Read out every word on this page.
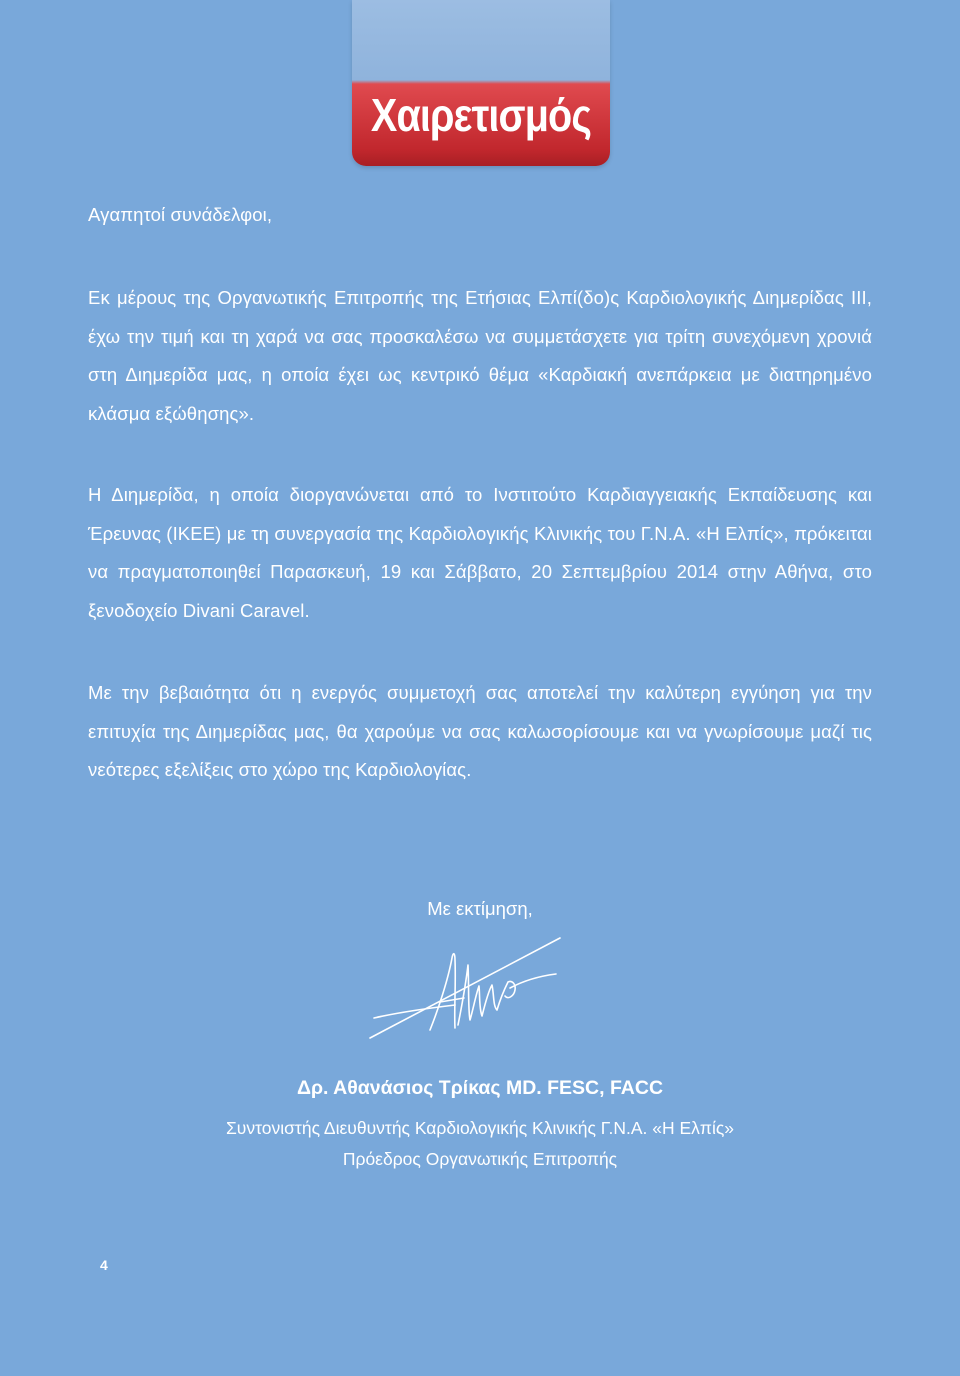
Χαιρετισμός
Αγαπητοί συνάδελφοι,
Εκ μέρους της Οργανωτικής Επιτροπής της Ετήσιας Ελπί(δο)ς Καρδιολογικής Διημερίδας ΙΙΙ, έχω την τιμή και τη χαρά να σας προσκαλέσω να συμμετάσχετε για τρίτη συνεχόμενη χρονιά στη Διημερίδα μας, η οποία έχει ως κεντρικό θέμα «Καρδιακή ανεπάρκεια με διατηρημένο κλάσμα εξώθησης».
Η Διημερίδα, η οποία διοργανώνεται από το Ινστιτούτο Καρδιαγγειακής Εκπαίδευσης και Έρευνας (ΙΚΕΕ) με τη συνεργασία της Καρδιολογικής Κλινικής του Γ.Ν.Α. «Η Ελπίς», πρόκειται να πραγματοποιηθεί Παρασκευή, 19 και Σάββατο, 20 Σεπτεμβρίου 2014 στην Αθήνα, στο ξενοδοχείο Divani Caravel.
Με την βεβαιότητα ότι η ενεργός συμμετοχή σας αποτελεί την καλύτερη εγγύηση για την επιτυχία της Διημερίδας μας, θα χαρούμε να σας καλωσορίσουμε και να γνωρίσουμε μαζί τις νεότερες εξελίξεις στο χώρο της Καρδιολογίας.
Με εκτίμηση,
Δρ. Αθανάσιος Τρίκας MD. FESC, FACC
Συντονιστής Διευθυντής Καρδιολογικής Κλινικής Γ.Ν.Α. «Η Ελπίς»
Πρόεδρος Οργανωτικής Επιτροπής
4
